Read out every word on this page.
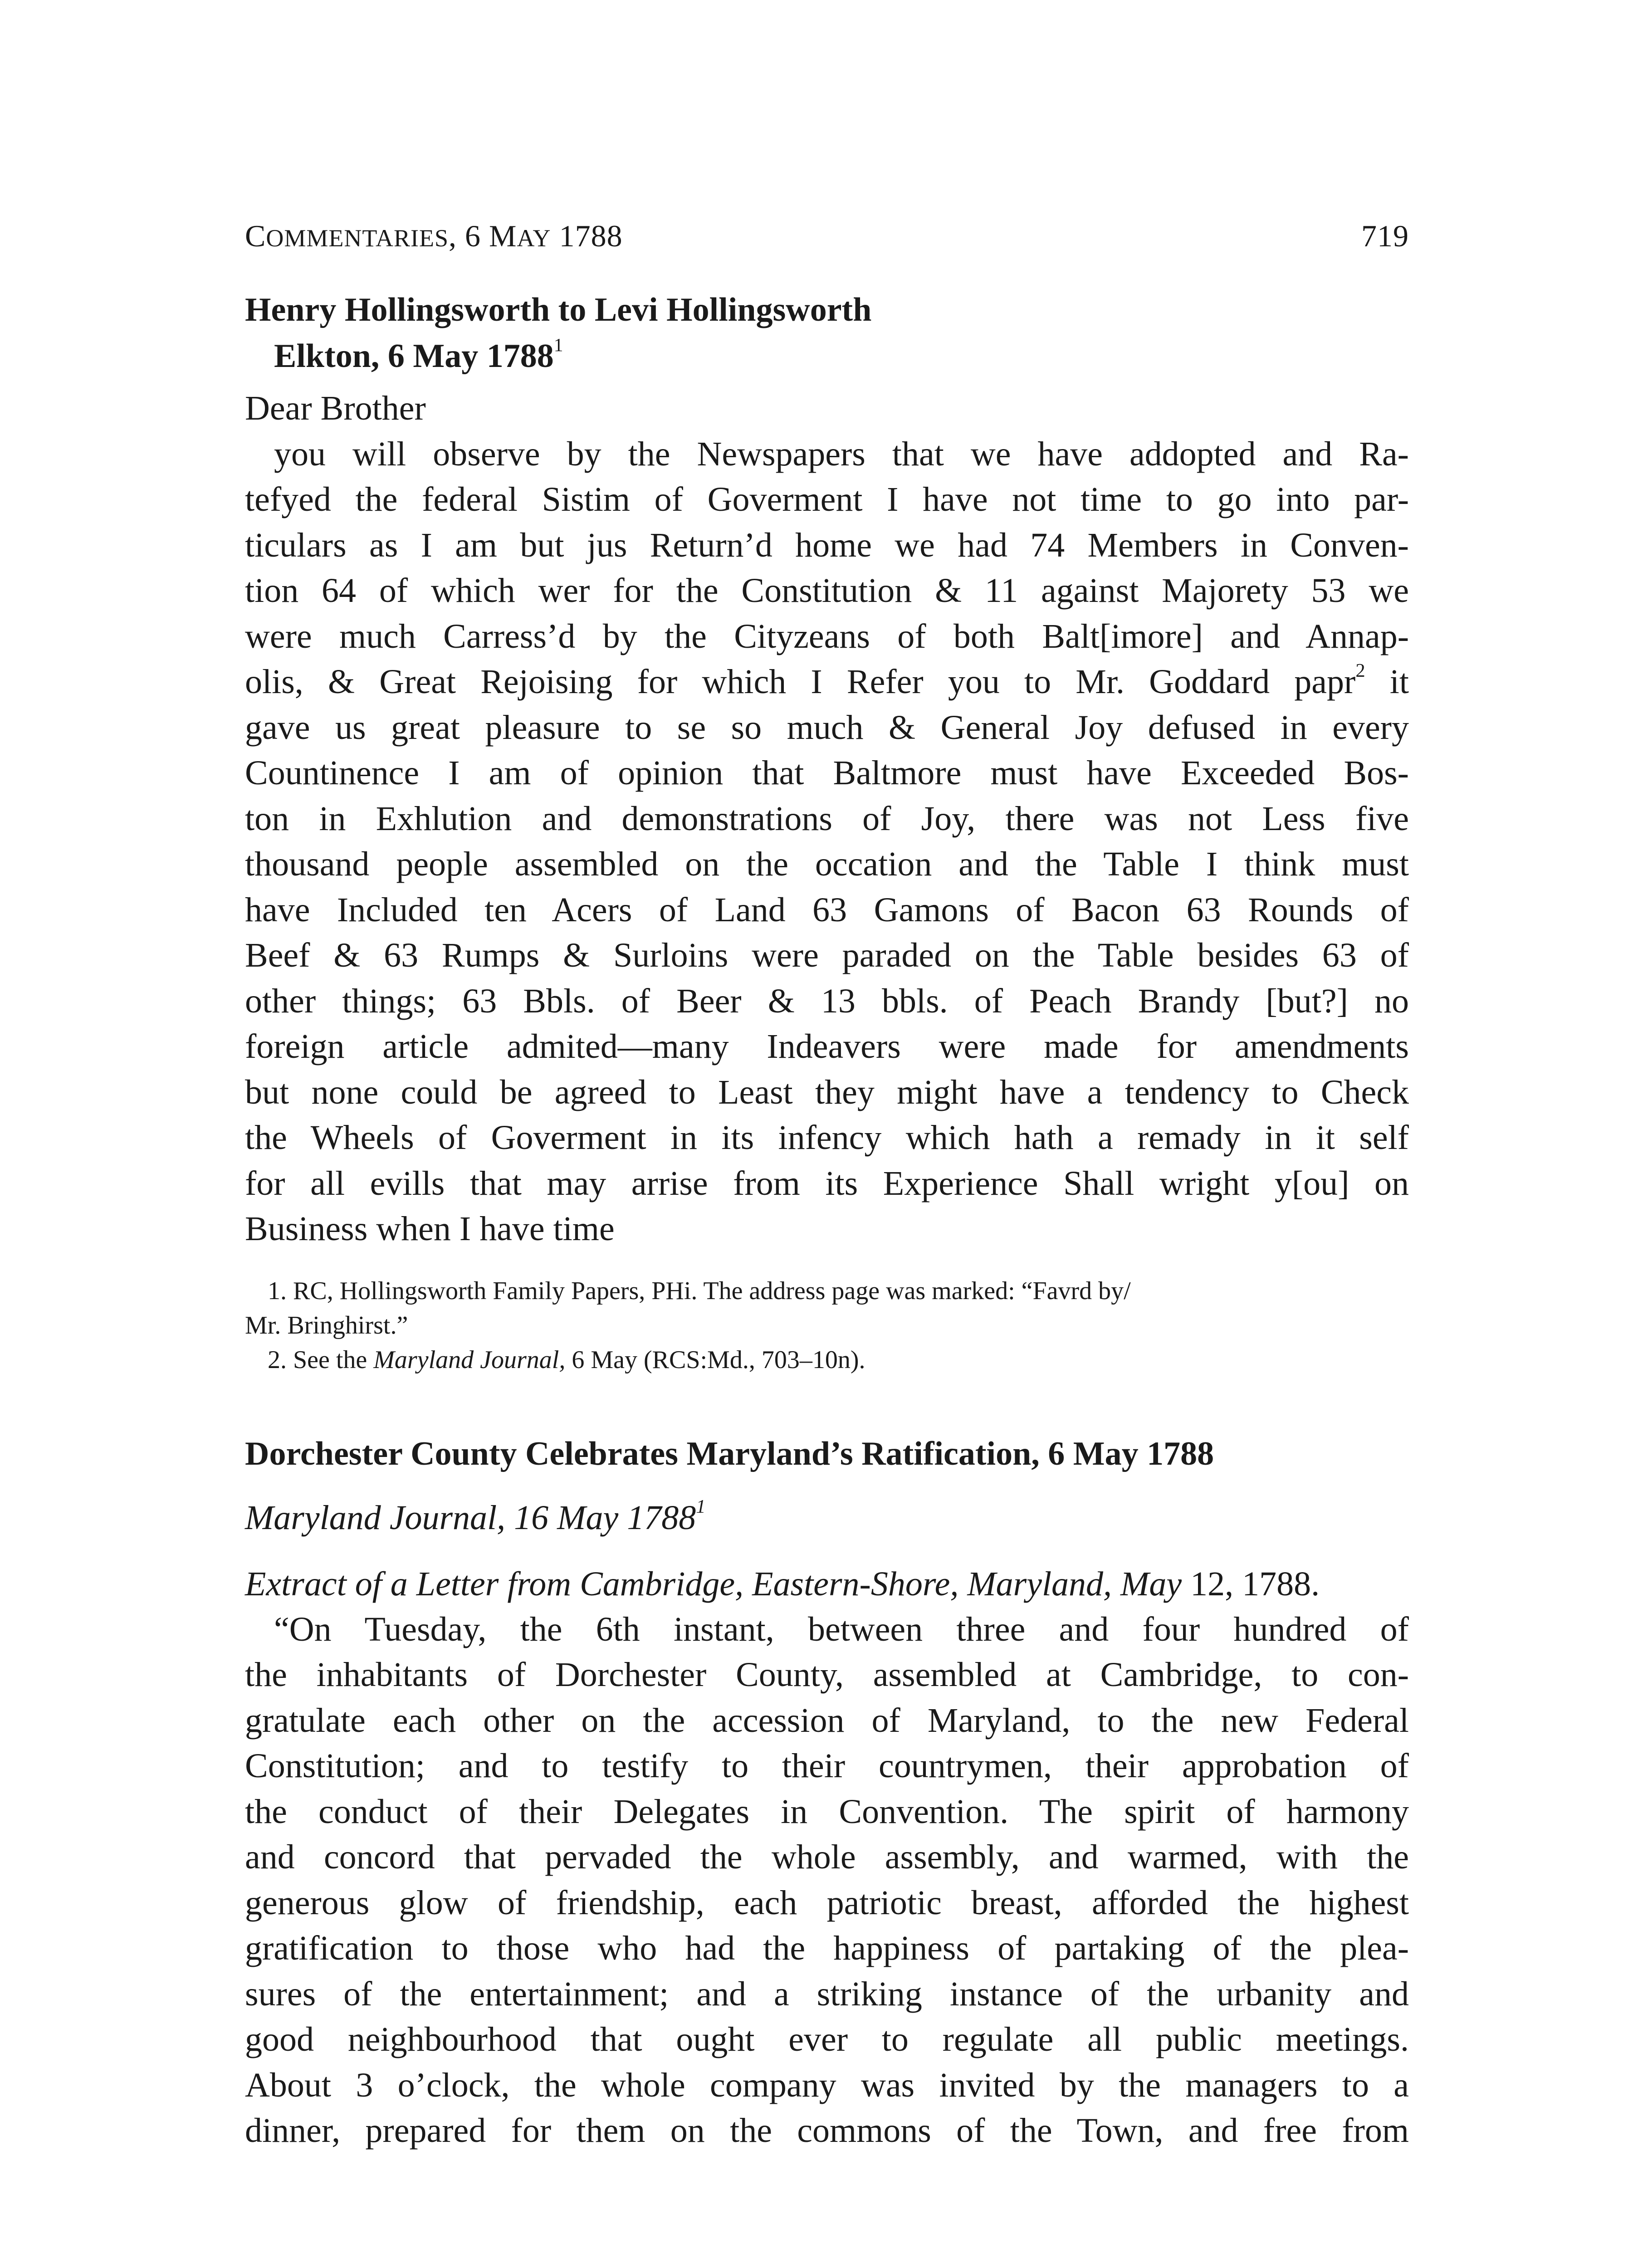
COMMENTARIES, 6 MAY 1788	719
Henry Hollingsworth to Levi Hollingsworth
Elkton, 6 May 1788$^1$
Dear Brother
you will observe by the Newspapers that we have addopted and Ra-
tefyed the federal Sistim of Goverment I have not time to go into par-
ticulars as I am but jus Return’d home we had 74 Members in Conven-
tion 64 of which wer for the Constitution & 11 against Majorety 53 we
were much Carress’d by the Cityzeans of both Balt[imore] and Annap-
olis, & Great Rejoising for which I Refer you to Mr. Goddard papr$^2$ it
gave us great pleasure to se so much & General Joy defused in every
Countinence I am of opinion that Baltmore must have Exceeded Bos-
ton in Exhlution and demonstrations of Joy, there was not Less five
thousand people assembled on the occation and the Table I think must
have Included ten Acers of Land 63 Gamons of Bacon 63 Rounds of
Beef & 63 Rumps & Surloins were paraded on the Table besides 63 of
other things; 63 Bbls. of Beer & 13 bbls. of Peach Brandy [but?] no
foreign article admited—many Indeavers were made for amendments
but none could be agreed to Least they might have a tendency to Check
the Wheels of Goverment in its infency which hath a remady in it self
for all evills that may arrise from its Experience Shall wright y[ou] on
Business when I have time
1. RC, Hollingsworth Family Papers, PHi. The address page was marked: “Favrd by/
Mr. Bringhirst.”
2. See the Maryland Journal, 6 May (RCS:Md., 703–10n).
Dorchester County Celebrates Maryland’s Ratification, 6 May 1788
Maryland Journal, 16 May 1788$^1$
Extract of a Letter from Cambridge, Eastern-Shore, Maryland, May 12, 1788.
“On Tuesday, the 6th instant, between three and four hundred of
the inhabitants of Dorchester County, assembled at Cambridge, to con-
gratulate each other on the accession of Maryland, to the new Federal
Constitution; and to testify to their countrymen, their approbation of
the conduct of their Delegates in Convention. The spirit of harmony
and concord that pervaded the whole assembly, and warmed, with the
generous glow of friendship, each patriotic breast, afforded the highest
gratification to those who had the happiness of partaking of the plea-
sures of the entertainment; and a striking instance of the urbanity and
good neighbourhood that ought ever to regulate all public meetings.
About 3 o’clock, the whole company was invited by the managers to a
dinner, prepared for them on the commons of the Town, and free from
